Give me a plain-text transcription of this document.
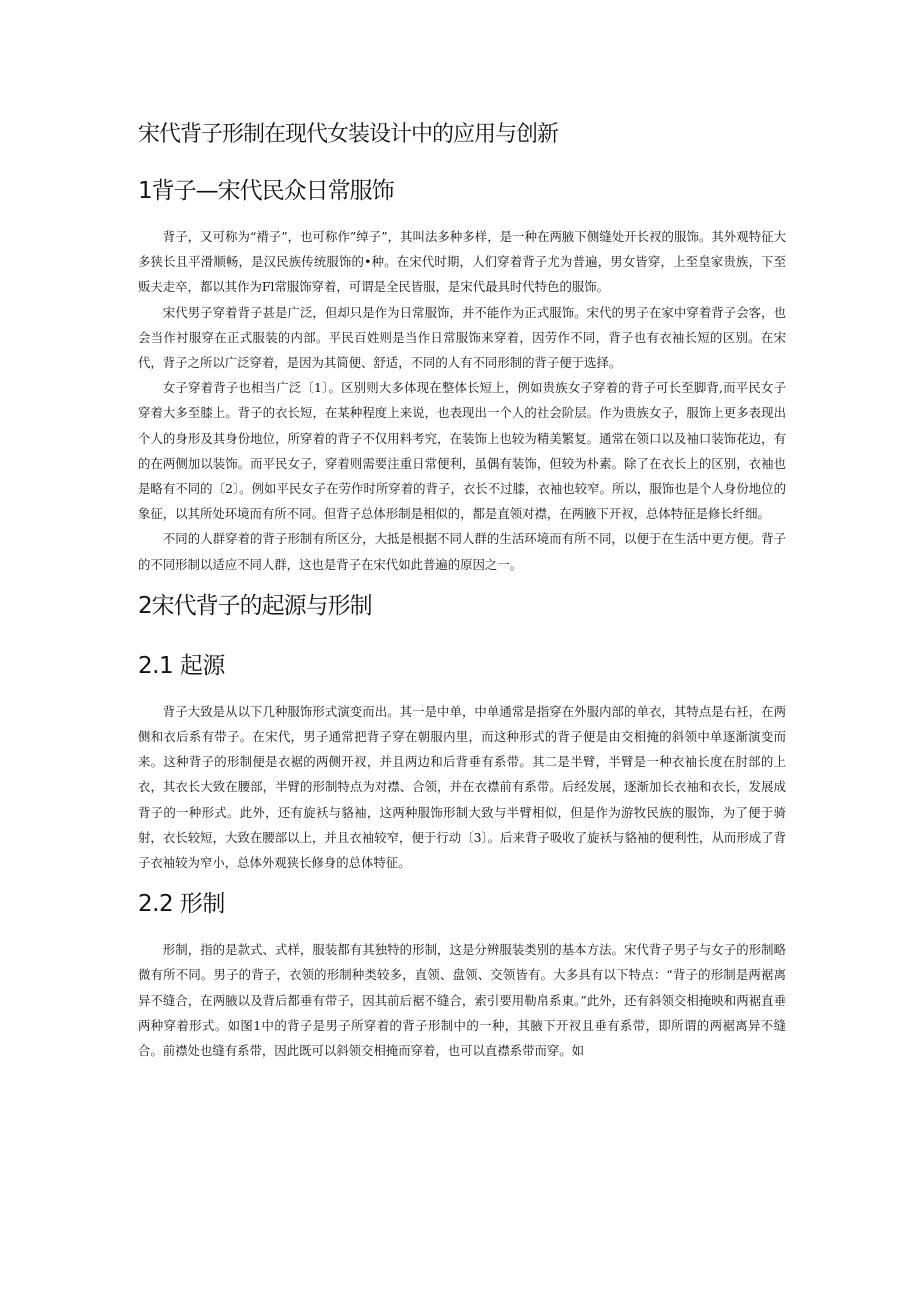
宋代背子形制在现代女装设计中的应用与创新
1背子—宋代民众日常服饰

背子，又可称为“褙子”，也可称作”绰子”，其叫法多种多样，是一种在两腋下侧缝处开长衩的服饰。其外观特征大多狭长且平滑顺畅，是汉民族传统服饰的•种。在宋代时期，人们穿着背子尤为普遍，男女皆穿，上至皇家贵族，下至贩夫走卒，都以其作为Fl常服饰穿着，可谓是全民皆服，是宋代最具时代特色的服饰。

宋代男子穿着背子甚是广泛，但却只是作为日常服饰，并不能作为正式服饰。宋代的男子在家中穿着背子会客，也会当作衬服穿在正式服装的内部。平民百姓则是当作日常服饰来穿着，因劳作不同，背子也有衣袖长短的区别。在宋代，背子之所以广泛穿着，是因为其简便、舒适，不同的人有不同形制的背子便于选择。

女子穿着背子也相当广泛〔1〕。区别则大多体现在整体长短上，例如贵族女子穿着的背子可长至脚背,而平民女子穿着大多至膝上。背子的衣长短，在某种程度上来说，也表现出一个人的社会阶层。作为贵族女子，服饰上更多表现出个人的身形及其身份地位，所穿着的背子不仅用料考究，在装饰上也较为精美繁复。通常在领口以及袖口装饰花边，有的在两侧加以装饰。而平民女子，穿着则需要注重日常便利，虽偶有装饰，但较为朴素。除了在衣长上的区别，衣袖也是略有不同的〔2〕。例如平民女子在劳作时所穿着的背子，衣长不过膝，衣袖也较窄。所以，服饰也是个人身份地位的象征，以其所处环境而有所不同。但背子总体形制是相似的，都是直领对襟，在两腋下开衩，总体特征是修长纤细。

不同的人群穿着的背子形制有所区分，大抵是根据不同人群的生活环境而有所不同，以便于在生活中更方便。背子的不同形制以适应不同人群，这也是背子在宋代如此普遍的原因之一。

2宋代背子的起源与形制
2.1 起源

背子大致是从以下几种服饰形式演变而出。其一是中单，中单通常是指穿在外服内部的单衣，其特点是右衽，在两侧和衣后系有带子。在宋代，男子通常把背子穿在朝服内里，而这种形式的背子便是由交相掩的斜领中单逐渐演变而来。这种背子的形制便是衣裾的两侧开衩，并且两边和后背垂有系带。其二是半臂，半臂是一种衣袖长度在肘部的上衣，其衣长大致在腰部，半臂的形制特点为对襟、合领，并在衣襟前有系带。后经发展，逐渐加长衣袖和衣长，发展成背子的一种形式。此外，还有旋袄与貉袖，这两种服饰形制大致与半臂相似，但是作为游牧民族的服饰，为了便于骑射，衣长较短，大致在腰部以上，并且衣袖较窄，便于行动〔3〕。后来背子吸收了旋袄与貉袖的便利性，从而形成了背子衣袖较为窄小，总体外观狭长修身的总体特征。

2.2 形制

形制，指的是款式、式样，服装都有其独特的形制，这是分辨服装类别的基本方法。宋代背子男子与女子的形制略微有所不同。男子的背子，衣领的形制种类较多，直领、盘领、交领皆有。大多具有以下特点：“背子的形制是两裾离异不缝合，在两腋以及背后都垂有带子，因其前后裾不缝合，索引要用勒帛系東。”此外，还有斜领交相掩映和两裾直垂两种穿着形式。如图1中的背子是男子所穿着的背子形制中的一种，其腋下开衩且垂有系带，即所谓的两裾离异不缝合。前襟处也缝有系带，因此既可以斜领交相掩而穿着，也可以直襟系带而穿。如
